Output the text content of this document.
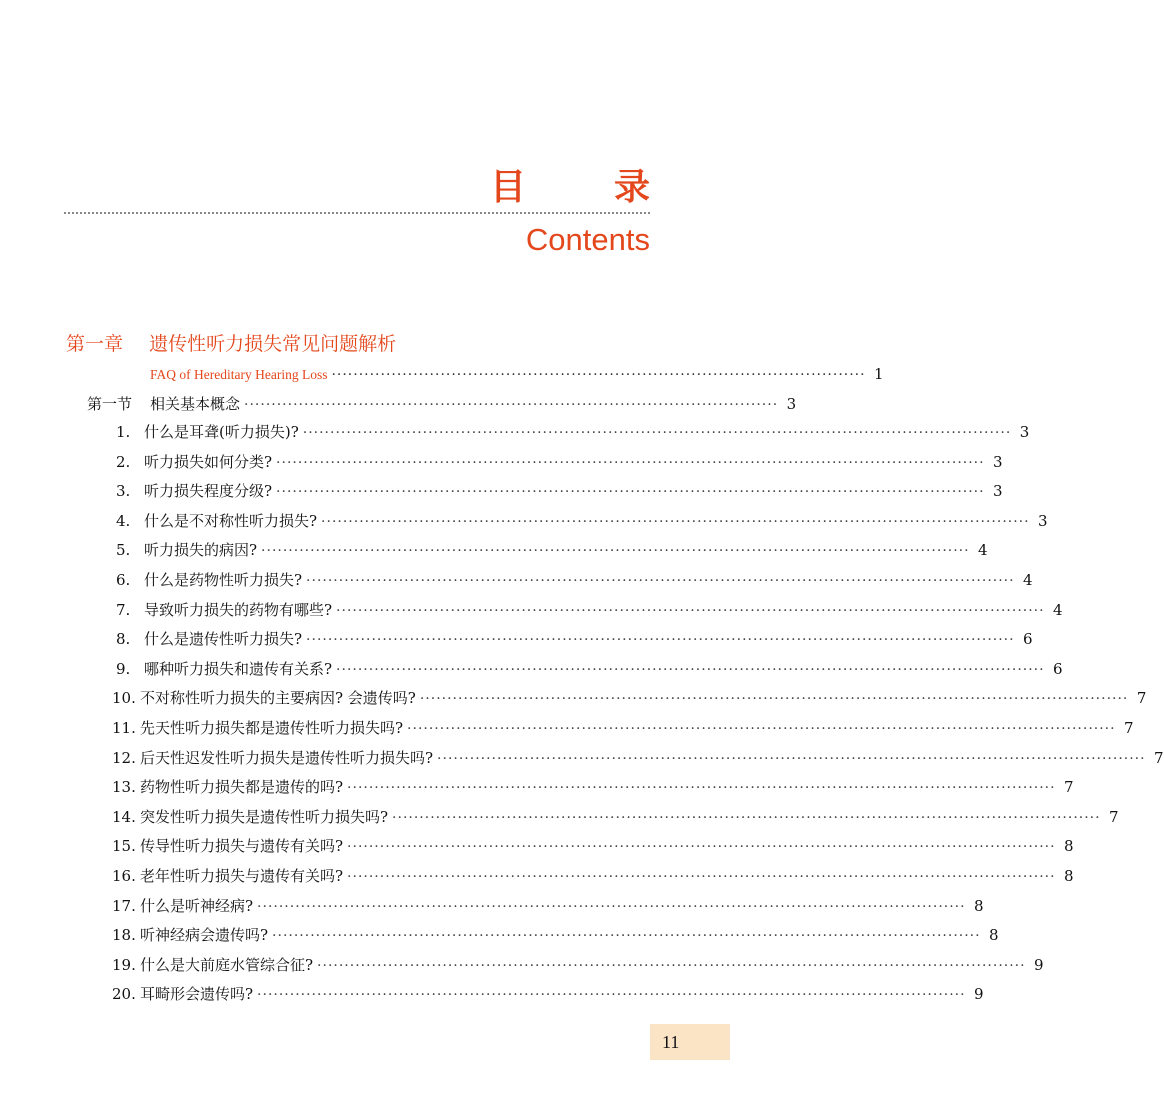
目 录
Contents
第一章 遗传性听力损失常见问题解析
FAQ of Hereditary Hearing Loss ·································································································· 1
第一节 相关基本概念 ·································································································· 3
1. 什么是耳聋(听力损失)? ·································································································································· 3
2. 听力损失如何分类? ·································································································································· 3
3. 听力损失程度分级? ·································································································································· 3
4. 什么是不对称性听力损失? ·································································································································· 3
5. 听力损失的病因? ·································································································································· 4
6. 什么是药物性听力损失? ·································································································································· 4
7. 导致听力损失的药物有哪些? ·································································································································· 4
8. 什么是遗传性听力损失? ·································································································································· 6
9. 哪种听力损失和遗传有关系? ·································································································································· 6
10. 不对称性听力损失的主要病因? 会遗传吗? ·································································································································· 7
11. 先天性听力损失都是遗传性听力损失吗? ·································································································································· 7
12. 后天性迟发性听力损失是遗传性听力损失吗? ·································································································································· 7
13. 药物性听力损失都是遗传的吗? ·································································································································· 7
14. 突发性听力损失是遗传性听力损失吗? ·································································································································· 7
15. 传导性听力损失与遗传有关吗? ·································································································································· 8
16. 老年性听力损失与遗传有关吗? ·································································································································· 8
17. 什么是听神经病? ·································································································································· 8
18. 听神经病会遗传吗? ·································································································································· 8
19. 什么是大前庭水管综合征? ·································································································································· 9
20. 耳畸形会遗传吗? ·································································································································· 9
11
